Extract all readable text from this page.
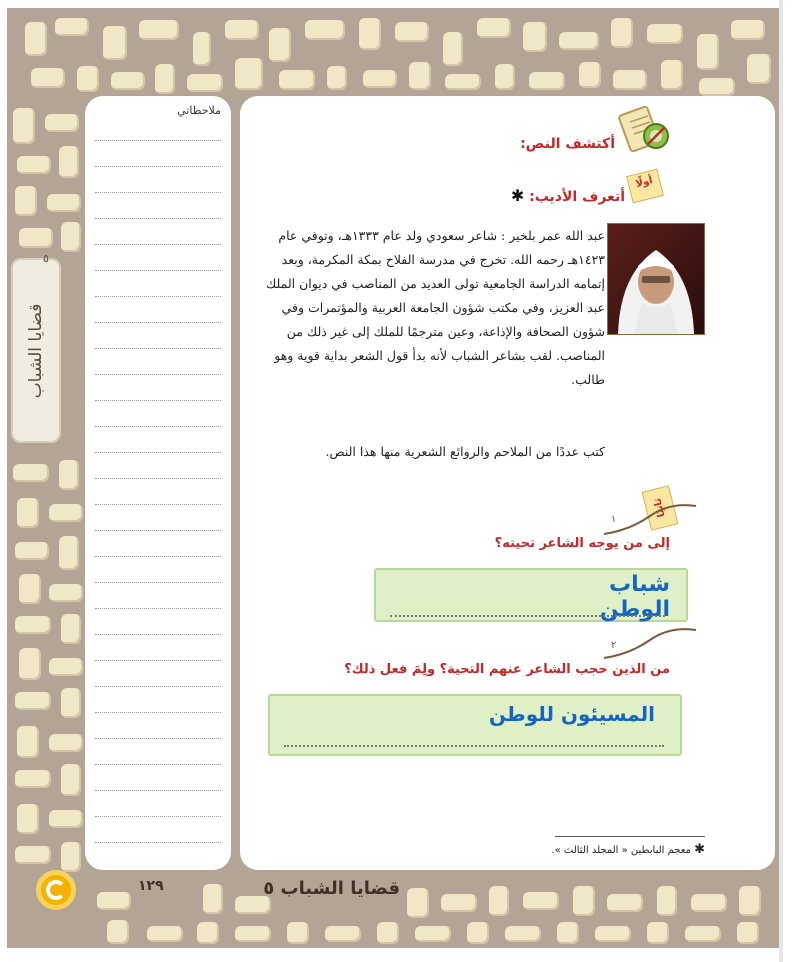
قضايا الشباب
٥
ملاحظاتي
أكتشف النص:
أولًا
أتعرف الأديب: ✱
عبد الله عمر بلخير : شاعر سعودي ولد عام ١٣٣٣هـ، وتوفي عام
١٤٢٣هـ رحمه الله. تخرج في مدرسة الفلاح بمكة المكرمة، وبعد
إتمامه الدراسة الجامعية تولى العديد من المناصب في ديوان الملك
عبد العزيز، وفي مكتب شؤون الجامعة العربية والمؤتمرات وفي
شؤون الصحافة والإذاعة، وعين مترجمًا للملك إلى غير ذلك من
المناصب. لقب بشاعر الشباب لأنه بدأ قول الشعر بداية قوية وهو
طالب.
كتب عددًا من الملاحم والروائع الشعرية منها هذا النص.
ثانيًا
١
إلى من يوجه الشاعر تحيته؟
شباب الوطن
٢
من الذين حجب الشاعر عنهم التحية؟ ولِمَ فعل ذلك؟
المسيئون للوطن
✱ معجم البابطين « المجلد الثالث ».
١٢٩	قضايا الشباب ٥
